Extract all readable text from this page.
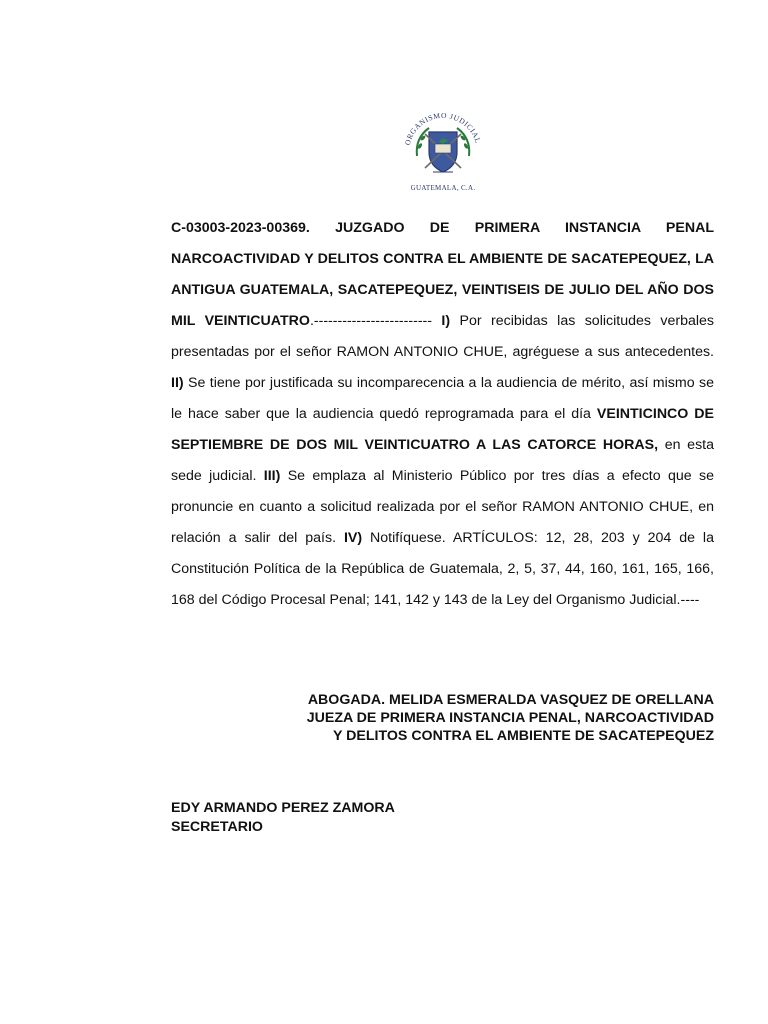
ORGANISMO JUDICIAL
GUATEMALA, C.A.

C-03003-2023-00369. JUZGADO DE PRIMERA INSTANCIA PENAL NARCOACTIVIDAD Y DELITOS CONTRA EL AMBIENTE DE SACATEPEQUEZ, LA ANTIGUA GUATEMALA, SACATEPEQUEZ, VEINTISEIS DE JULIO DEL AÑO DOS MIL VEINTICUATRO.------------------------- I) Por recibidas las solicitudes verbales presentadas por el señor RAMON ANTONIO CHUE, agréguese a sus antecedentes. II) Se tiene por justificada su incomparecencia a la audiencia de mérito, así mismo se le hace saber que la audiencia quedó reprogramada para el día VEINTICINCO DE SEPTIEMBRE DE DOS MIL VEINTICUATRO A LAS CATORCE HORAS, en esta sede judicial. III) Se emplaza al Ministerio Público por tres días a efecto que se pronuncie en cuanto a solicitud realizada por el señor RAMON ANTONIO CHUE, en relación a salir del país. IV) Notifíquese. ARTÍCULOS: 12, 28, 203 y 204 de la Constitución Política de la República de Guatemala, 2, 5, 37, 44, 160, 161, 165, 166, 168 del Código Procesal Penal; 141, 142 y 143 de la Ley del Organismo Judicial.----

ABOGADA. MELIDA ESMERALDA VASQUEZ DE ORELLANA
JUEZA DE PRIMERA INSTANCIA PENAL, NARCOACTIVIDAD
Y DELITOS CONTRA EL AMBIENTE DE SACATEPEQUEZ
EDY ARMANDO PEREZ ZAMORA
SECRETARIO
